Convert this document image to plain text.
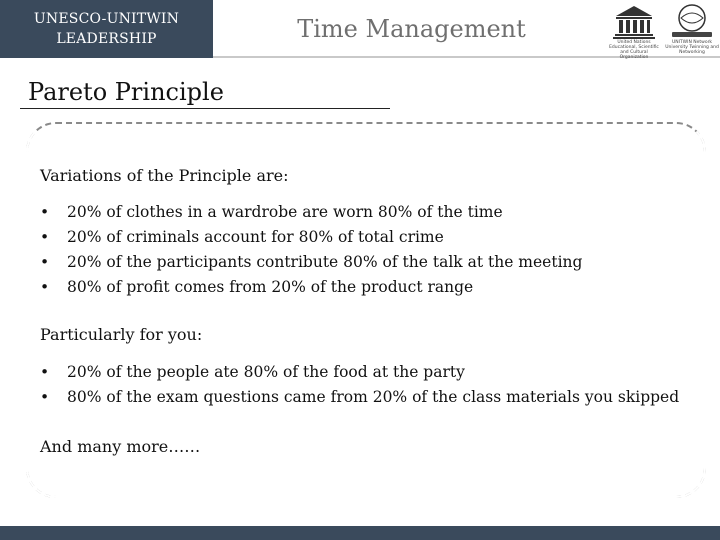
UNESCO-UNITWIN
LEADERSHIP	Time Management	United Nations Educational, Scientific and Cultural Organization
UNITWIN Network University Twinning and Networking
Pareto Principle

Variations of the Principle are:

• 20% of clothes in a wardrobe are worn 80% of the time
• 20% of criminals account for 80% of total crime
• 20% of the participants contribute 80% of the talk at the meeting
• 80% of profit comes from 20% of the product range

Particularly for you:

• 20% of the people ate 80% of the food at the party
• 80% of the exam questions came from 20% of the class materials you skipped

And many more……
